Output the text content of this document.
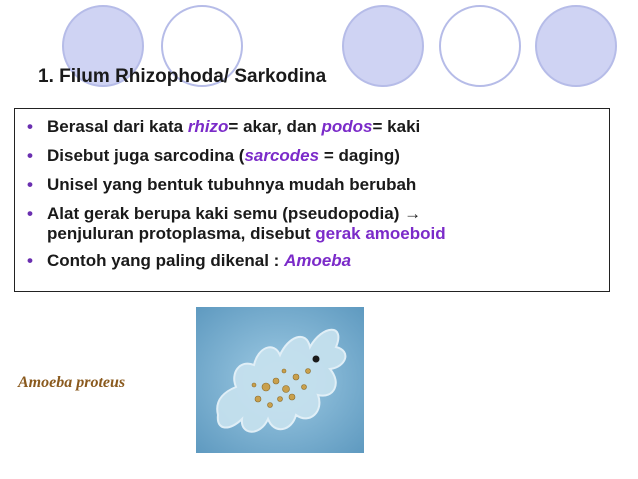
1. Filum Rhizophoda/ Sarkodina
• Berasal dari kata rhizo= akar, dan podos= kaki
• Disebut juga sarcodina (sarcodes = daging)
• Unisel yang bentuk tubuhnya mudah berubah
• Alat gerak berupa kaki semu (pseudopodia) →
penjuluran protoplasma, disebut gerak amoeboid
• Contoh yang paling dikenal : Amoeba
Amoeba proteus
